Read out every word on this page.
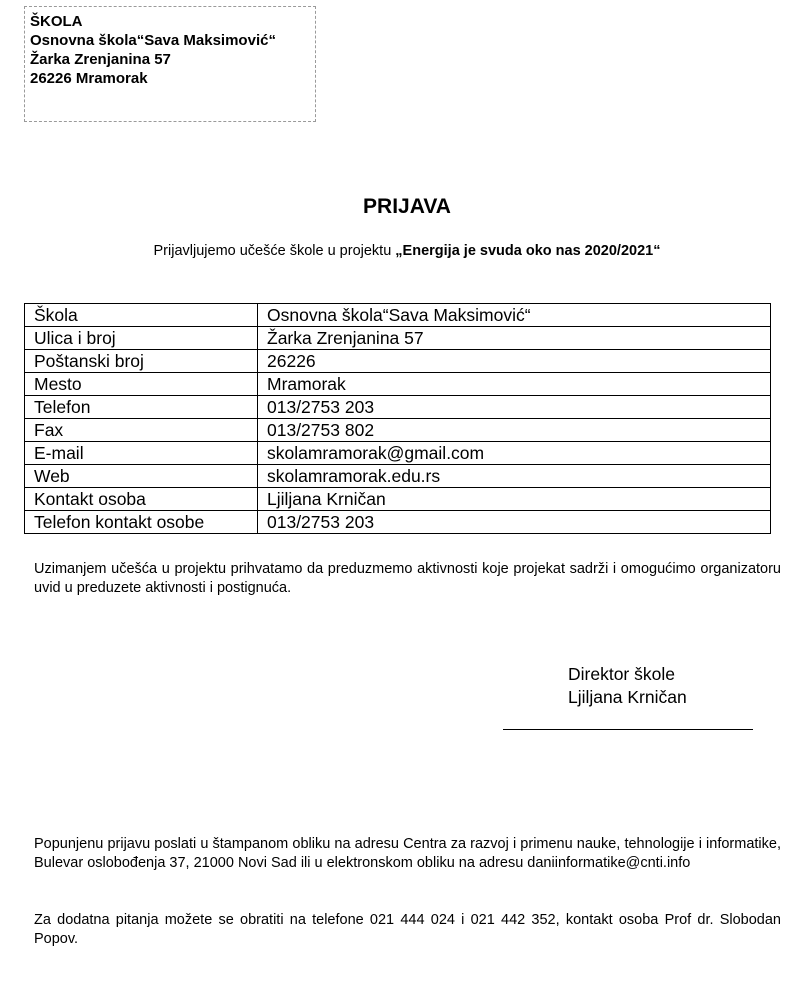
ŠKOLA
Osnovna škola“Sava Maksimović“
Žarka Zrenjanina 57
26226 Mramorak
PRIJAVA
Prijavljujemo učešće škole u projektu „Energija je svuda oko nas 2020/2021“
Škola	Osnovna škola“Sava Maksimović“
Ulica i broj	Žarka Zrenjanina 57
Poštanski broj	26226
Mesto	Mramorak
Telefon	013/2753 203
Fax	013/2753 802
E-mail	skolamramorak@gmail.com
Web	skolamramorak.edu.rs
Kontakt osoba	Ljiljana Krničan
Telefon kontakt osobe	013/2753 203
Uzimanjem učešća u projektu prihvatamo da preduzmemo aktivnosti koje projekat sadrži i omogućimo organizatoru uvid u preduzete aktivnosti i postignuća.
Direktor škole
Ljiljana Krničan
Popunjenu prijavu poslati u štampanom obliku na adresu Centra za razvoj i primenu nauke, tehnologije i informatike, Bulevar oslobođenja 37, 21000 Novi Sad ili u elektronskom obliku na adresu daniinformatike@cnti.info
Za dodatna pitanja možete se obratiti na telefone 021 444 024 i 021 442 352, kontakt osoba Prof dr. Slobodan Popov.
